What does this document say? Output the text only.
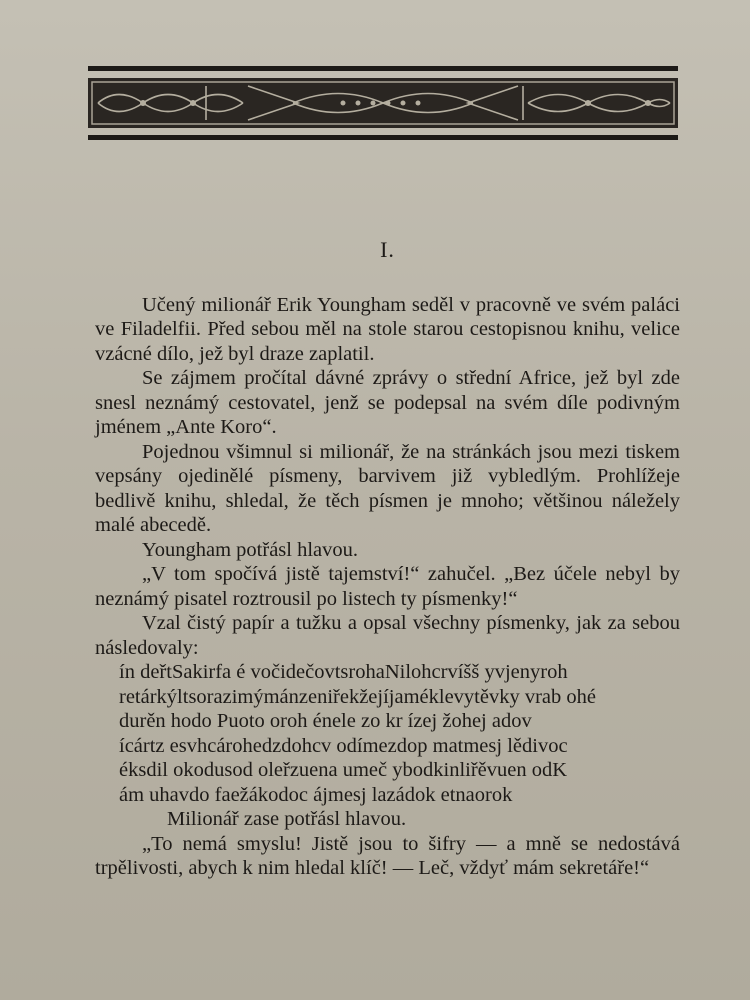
I.

Učený milionář Erik Youngham seděl v pracovně ve svém paláci ve Filadelfii. Před sebou měl na stole starou cestopisnou knihu, velice vzácné dílo, jež byl draze zaplatil.

Se zájmem pročítal dávné zprávy o střední Africe, jež byl zde snesl neznámý cestovatel, jenž se podepsal na svém díle podivným jménem „Ante Koro“.

Pojednou všimnul si milionář, že na stránkách jsou mezi tiskem vepsány ojedinělé písmeny, barvivem již vybledlým. Prohlížeje bedlivě knihu, shledal, že těch písmen je mnoho; většinou náležely malé abecedě.

Youngham potřásl hlavou.

„V tom spočívá jistě tajemství!“ zahučel. „Bez účele nebyl by neznámý pisatel roztrousil po listech ty písmenky!“

Vzal čistý papír a tužku a opsal všechny písmenky, jak za sebou následovaly:

ín deřtSakirfa é vočidečovtsrohaNilohcrvíšš yvjenyroh
retárkýltsorazimýmánzeniřekžejíjaméklevytěvky vrab ohé
durěn hodo Puoto oroh énele zo kr ízej žohej adov
ícártz esvhcárohedzdohcv odímezdop matmesj lědivoc
éksdil okodusod oleřzuena umeč ybodkinliřěvuen odK
ám uhavdo faežákodoc ájmesj lazádok etnaorok

Milionář zase potřásl hlavou.

„To nemá smyslu! Jistě jsou to šifry — a mně se nedostává trpělivosti, abych k nim hledal klíč! — Leč, vždyť mám sekretáře!“
